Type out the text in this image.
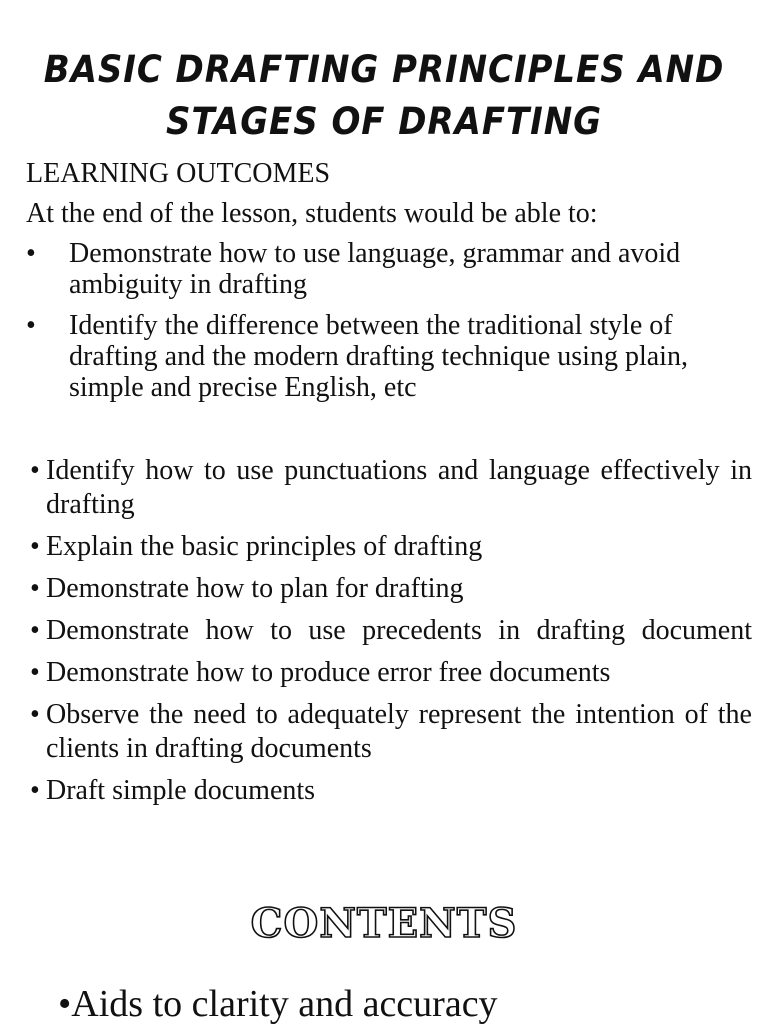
BASIC DRAFTING PRINCIPLES AND
STAGES OF DRAFTING
LEARNING OUTCOMES
At the end of the lesson, students would be able to:
• Demonstrate how to use language, grammar and avoid ambiguity in drafting
• Identify the difference between the traditional style of drafting and the modern drafting technique using plain, simple and precise English, etc
• Identify how to use punctuations and language effectively in drafting
• Explain the basic principles of drafting
• Demonstrate how to plan for drafting
• Demonstrate how to use precedents in drafting document
• Demonstrate how to produce error free documents
• Observe the need to adequately represent the intention of the clients in drafting documents
• Draft simple documents
CONTENTS
•Aids to clarity and accuracy
